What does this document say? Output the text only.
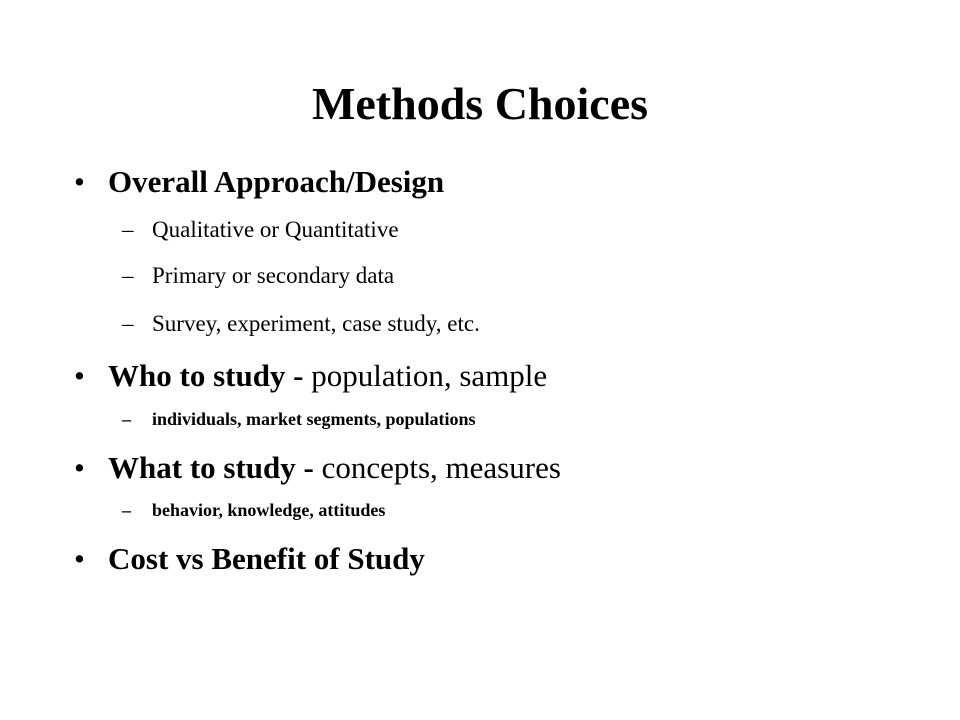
Methods Choices
• Overall Approach/Design
– Qualitative or Quantitative
– Primary or secondary data
– Survey, experiment, case study, etc.
• Who to study - population, sample
– individuals, market segments, populations
• What to study - concepts, measures
– behavior, knowledge, attitudes
• Cost vs Benefit of Study
